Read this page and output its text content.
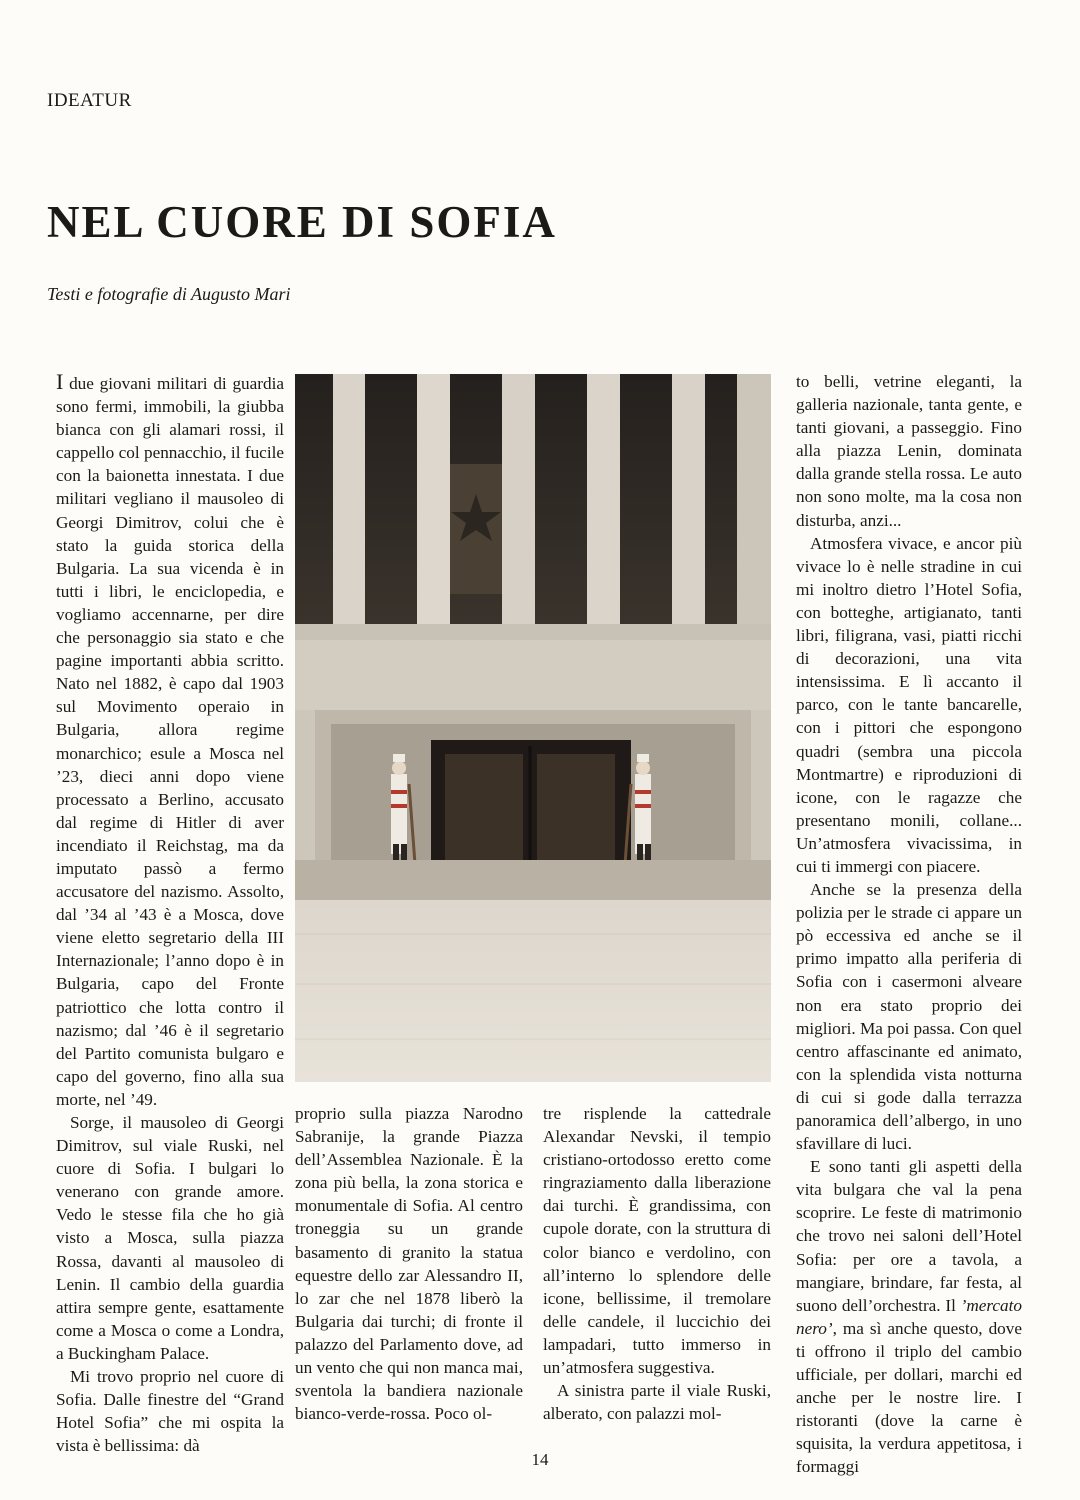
IDEATUR

NEL CUORE DI SOFIA

Testi e fotografie di Augusto Mari

I due giovani militari di guardia sono fermi, immobili, la giubba bianca con gli alamari rossi, il cappello col pennacchio, il fucile con la baionetta innestata. I due militari vegliano il mausoleo di Georgi Dimitrov, colui che è stato la guida storica della Bulgaria. La sua vicenda è in tutti i libri, le enciclopedia, e vogliamo accennarne, per dire che personaggio sia stato e che pagine importanti abbia scritto. Nato nel 1882, è capo dal 1903 sul Movimento operaio in Bulgaria, allora regime monarchico; esule a Mosca nel ’23, dieci anni dopo viene processato a Berlino, accusato dal regime di Hitler di aver incendiato il Reichstag, ma da imputato passò a fermo accusatore del nazismo. Assolto, dal ’34 al ’43 è a Mosca, dove viene eletto segretario della III Internazionale; l’anno dopo è in Bulgaria, capo del Fronte patriottico che lotta contro il nazismo; dal ’46 è il segretario del Partito comunista bulgaro e capo del governo, fino alla sua morte, nel ’49.

Sorge, il mausoleo di Georgi Dimitrov, sul viale Ruski, nel cuore di Sofia. I bulgari lo venerano con grande amore. Vedo le stesse fila che ho già visto a Mosca, sulla piazza Rossa, davanti al mausoleo di Lenin. Il cambio della guardia attira sempre gente, esattamente come a Mosca o come a Londra, a Buckingham Palace.

Mi trovo proprio nel cuore di Sofia. Dalle finestre del “Grand Hotel Sofia” che mi ospita la vista è bellissima: dà

proprio sulla piazza Narodno Sabranije, la grande Piazza dell’Assemblea Nazionale. È la zona più bella, la zona storica e monumentale di Sofia. Al centro troneggia su un grande basamento di granito la statua equestre dello zar Alessandro II, lo zar che nel 1878 liberò la Bulgaria dai turchi; di fronte il palazzo del Parlamento dove, ad un vento che qui non manca mai, sventola la bandiera nazionale bianco-verde-rossa. Poco ol-

tre risplende la cattedrale Alexandar Nevski, il tempio cristiano-ortodosso eretto come ringraziamento dalla liberazione dai turchi. È grandissima, con cupole dorate, con la struttura di color bianco e verdolino, con all’interno lo splendore delle icone, bellissime, il tremolare delle candele, il luccichio dei lampadari, tutto immerso in un’atmosfera suggestiva.

A sinistra parte il viale Ruski, alberato, con palazzi mol-

to belli, vetrine eleganti, la galleria nazionale, tanta gente, e tanti giovani, a passeggio. Fino alla piazza Lenin, dominata dalla grande stella rossa. Le auto non sono molte, ma la cosa non disturba, anzi...

Atmosfera vivace, e ancor più vivace lo è nelle stradine in cui mi inoltro dietro l’Hotel Sofia, con botteghe, artigianato, tanti libri, filigrana, vasi, piatti ricchi di decorazioni, una vita intensissima. E lì accanto il parco, con le tante bancarelle, con i pittori che espongono quadri (sembra una piccola Montmartre) e riproduzioni di icone, con le ragazze che presentano monili, collane... Un’atmosfera vivacissima, in cui ti immergi con piacere.

Anche se la presenza della polizia per le strade ci appare un pò eccessiva ed anche se il primo impatto alla periferia di Sofia con i casermoni alveare non era stato proprio dei migliori. Ma poi passa. Con quel centro affascinante ed animato, con la splendida vista notturna di cui si gode dalla terrazza panoramica dell’albergo, in uno sfavillare di luci.

E sono tanti gli aspetti della vita bulgara che val la pena scoprire. Le feste di matrimonio che trovo nei saloni dell’Hotel Sofia: per ore a tavola, a mangiare, brindare, far festa, al suono dell’orchestra. Il ’mercato nero’, ma sì anche questo, dove ti offrono il triplo del cambio ufficiale, per dollari, marchi ed anche per le nostre lire. I ristoranti (dove la carne è squisita, la verdura appetitosa, i formaggi

14
